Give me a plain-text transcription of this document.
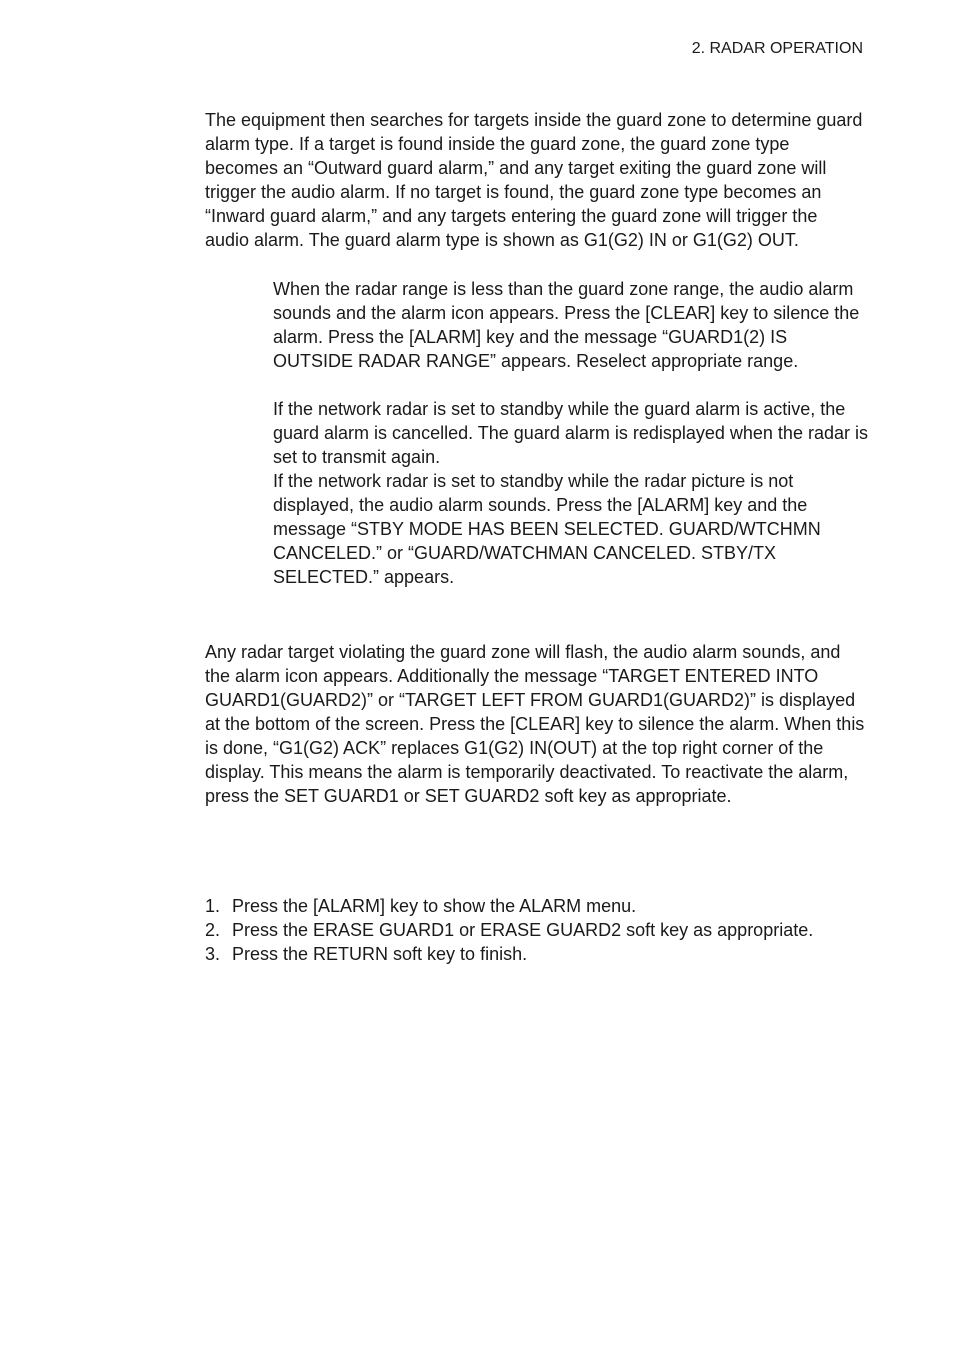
2. RADAR OPERATION

The equipment then searches for targets inside the guard zone to determine guard alarm type. If a target is found inside the guard zone, the guard zone type becomes an “Outward guard alarm,” and any target exiting the guard zone will trigger the audio alarm. If no target is found, the guard zone type becomes an “Inward guard alarm,” and any targets entering the guard zone will trigger the audio alarm. The guard alarm type is shown as G1(G2) IN or G1(G2) OUT.

When the radar range is less than the guard zone range, the audio alarm sounds and the alarm icon appears. Press the [CLEAR] key to silence the alarm. Press the [ALARM] key and the message “GUARD1(2) IS OUTSIDE RADAR RANGE” appears. Reselect appropriate range.

If the network radar is set to standby while the guard alarm is active, the guard alarm is cancelled. The guard alarm is redisplayed when the radar is set to transmit again.

If the network radar is set to standby while the radar picture is not displayed, the audio alarm sounds. Press the [ALARM] key and the message “STBY MODE HAS BEEN SELECTED. GUARD/WTCHMN CANCELED.” or “GUARD/WATCHMAN CANCELED. STBY/TX SELECTED.” appears.

Any radar target violating the guard zone will flash, the audio alarm sounds, and the alarm icon appears. Additionally the message “TARGET ENTERED INTO GUARD1(GUARD2)” or “TARGET LEFT FROM GUARD1(GUARD2)” is displayed at the bottom of the screen. Press the [CLEAR] key to silence the alarm. When this is done, “G1(G2) ACK” replaces G1(G2) IN(OUT) at the top right corner of the display. This means the alarm is temporarily deactivated. To reactivate the alarm, press the SET GUARD1 or SET GUARD2 soft key as appropriate.

1. Press the [ALARM] key to show the ALARM menu.
2. Press the ERASE GUARD1 or ERASE GUARD2 soft key as appropriate.
3. Press the RETURN soft key to finish.
